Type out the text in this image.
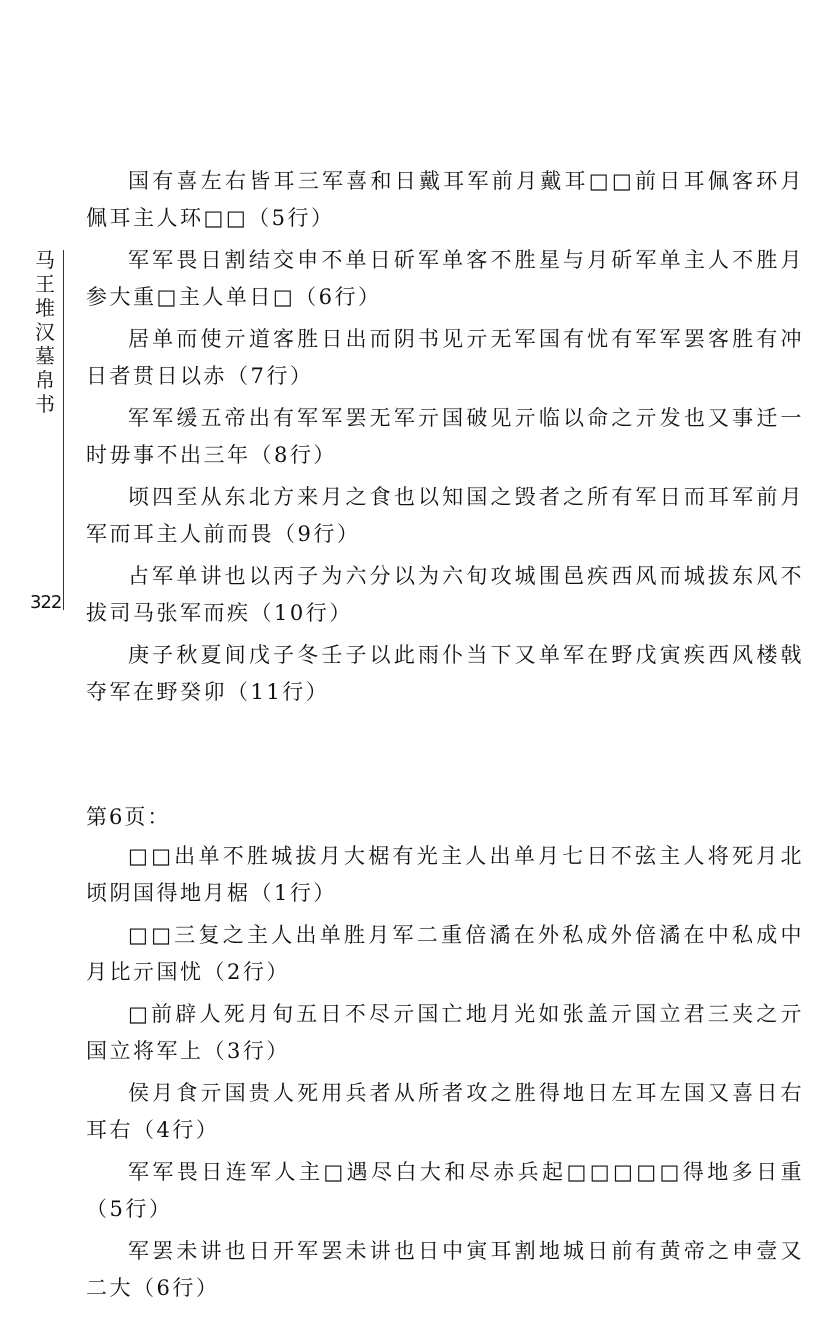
马王堆汉墓帛书
322

国有喜左右皆耳三军喜和日戴耳军前月戴耳□□前日耳佩客环月佩耳主人环□□（5行）

军军畏日割结交申不单日斫军单客不胜星与月斫军单主人不胜月参大重□主人单日□（6行）

居单而使亓道客胜日出而阴书见亓无军国有忧有军军罢客胜有冲日者贯日以赤（7行）

军军缓五帝出有军军罢无军亓国破见亓临以命之亓发也又事迁一时毋事不出三年（8行）

顷四至从东北方来月之食也以知国之毁者之所有军日而耳军前月军而耳主人前而畏（9行）

占军单讲也以丙子为六分以为六旬攻城围邑疾西风而城拔东风不拔司马张军而疾（10行）

庚子秋夏间戊子冬壬子以此雨仆当下又单军在野戊寅疾西风楼戟夺军在野癸卯（11行）

第6页：

□□出单不胜城拔月大椐有光主人出单月七日不弦主人将死月北顷阴国得地月椐（1行）

□□三复之主人出单胜月军二重倍潏在外私成外倍潏在中私成中月比亓国忧（2行）

□前辟人死月旬五日不尽亓国亡地月光如张盖亓国立君三夹之亓国立将军上（3行）

侯月食亓国贵人死用兵者从所者攻之胜得地日左耳左国又喜日右耳右（4行）

军军畏日连军人主□遇尽白大和尽赤兵起□□□□□得地多日重（5行）

军罢未讲也日开军罢未讲也日中寅耳割地城日前有黄帝之申壹又二大（6行）
